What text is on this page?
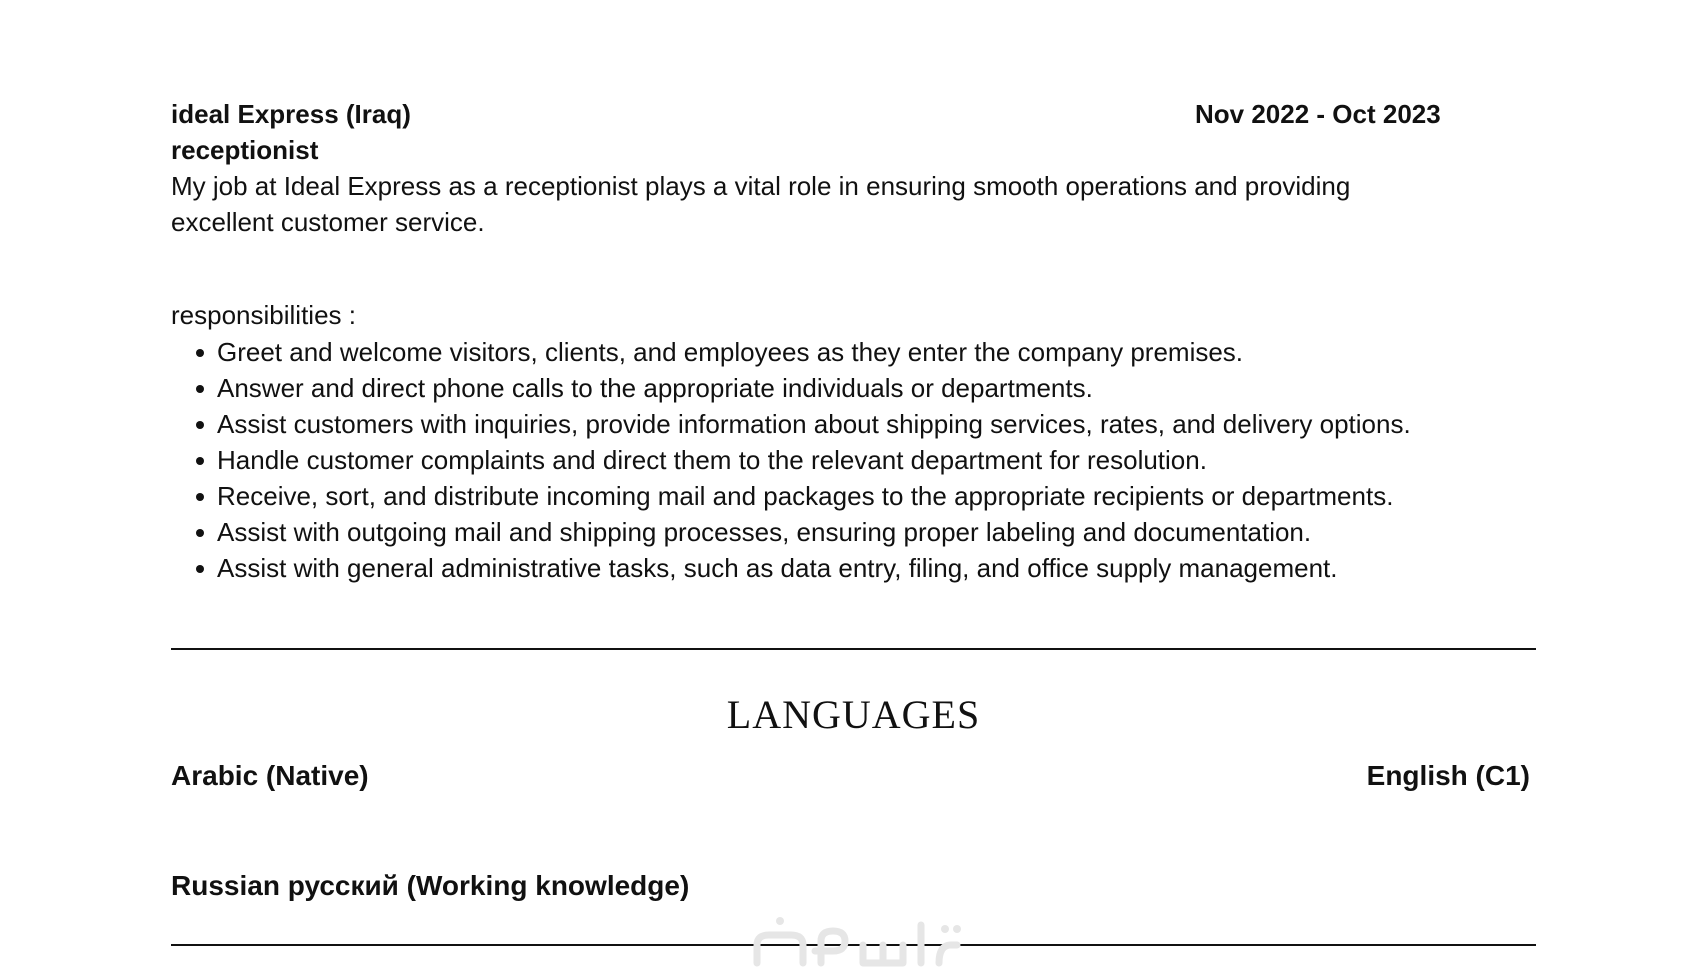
ideal Express (Iraq)	Nov 2022 - Oct 2023
receptionist
My job at Ideal Express as a receptionist plays a vital role in ensuring smooth operations and providing excellent customer service.
responsibilities :
Greet and welcome visitors, clients, and employees as they enter the company premises.
Answer and direct phone calls to the appropriate individuals or departments.
Assist customers with inquiries, provide information about shipping services, rates, and delivery options.
Handle customer complaints and direct them to the relevant department for resolution.
Receive, sort, and distribute incoming mail and packages to the appropriate recipients or departments.
Assist with outgoing mail and shipping processes, ensuring proper labeling and documentation.
Assist with general administrative tasks, such as data entry, filing, and office supply management.
LANGUAGES
Arabic (Native)	English (C1)
Russian русский (Working knowledge)
